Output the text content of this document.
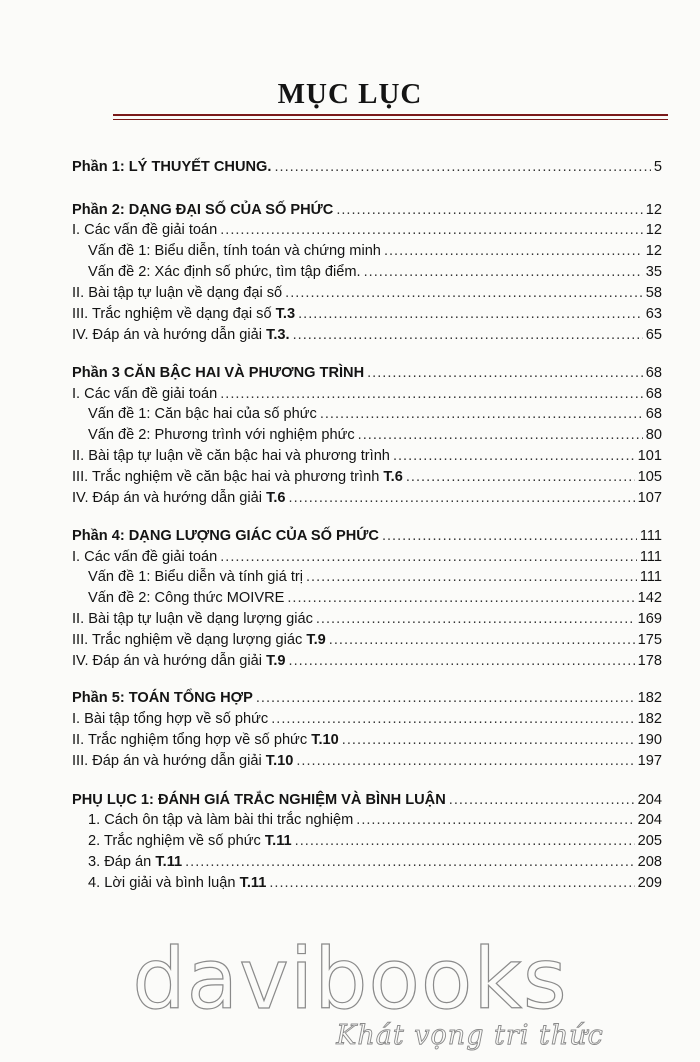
MỤC LỤC
Phần 1: LÝ THUYẾT CHUNG. .....	5
Phần 2: DẠNG ĐẠI SỐ CỦA SỐ PHỨC .....	12
I. Các vấn đề giải toán .....	12
Vấn đề 1: Biểu diễn, tính toán và chứng minh .....	12
Vấn đề 2: Xác định số phức, tìm tập điểm. .....	35
II. Bài tập tự luận về dạng đại số .....	58
III. Trắc nghiệm về dạng đại số T.3 .....	63
IV. Đáp án và hướng dẫn giải T.3. .....	65
Phần 3 CĂN BẬC HAI VÀ PHƯƠNG TRÌNH .....	68
I. Các vấn đề giải toán .....	68
Vấn đề 1: Căn bậc hai của số phức .....	68
Vấn đề 2: Phương trình với nghiệm phức .....	80
II. Bài tập tự luận về căn bậc hai và phương trình .....	101
III. Trắc nghiệm về căn bậc hai và phương trình T.6 .....	105
IV. Đáp án và hướng dẫn giải T.6 .....	107
Phần 4: DẠNG LƯỢNG GIÁC CỦA SỐ PHỨC .....	111
I. Các vấn đề giải toán .....	111
Vấn đề 1: Biểu diễn và tính giá trị .....	111
Vấn đề 2: Công thức MOIVRE .....	142
II. Bài tập tự luận về dạng lượng giác .....	169
III. Trắc nghiệm về dạng lượng giác T.9 .....	175
IV. Đáp án và hướng dẫn giải T.9 .....	178
Phần 5: TOÁN TỔNG HỢP .....	182
I. Bài tập tổng hợp về số phức .....	182
II. Trắc nghiệm tổng hợp về số phức T.10 .....	190
III. Đáp án và hướng dẫn giải T.10 .....	197
PHỤ LỤC 1: ĐÁNH GIÁ TRẮC NGHIỆM VÀ BÌNH LUẬN .....	204
1. Cách ôn tập và làm bài thi trắc nghiệm .....	204
2. Trắc nghiệm về số phức T.11 .....	205
3. Đáp án T.11 .....	208
4. Lời giải và bình luận T.11 .....	209
davibooks
Khát vọng tri thức
